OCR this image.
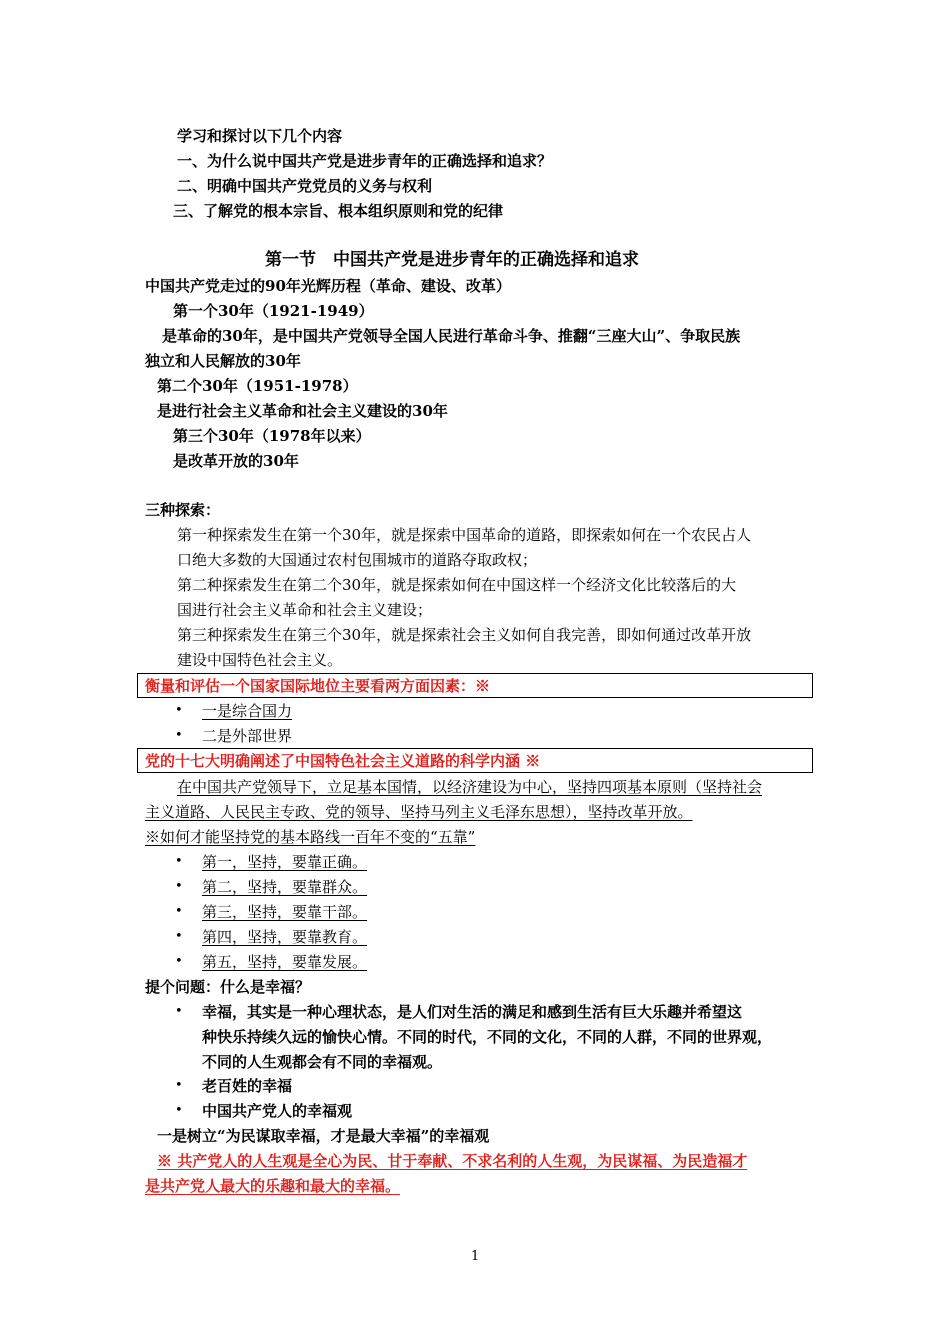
学习和探讨以下几个内容
一、为什么说中国共产党是进步青年的正确选择和追求？
二、明确中国共产党党员的义务与权利
三、了解党的根本宗旨、根本组织原则和党的纪律
第一节　中国共产党是进步青年的正确选择和追求
中国共产党走过的90年光辉历程（革命、建设、改革）
第一个30年（1921-1949）
是革命的30年，是中国共产党领导全国人民进行革命斗争、推翻“三座大山”、争取民族
独立和人民解放的30年
第二个30年（1951-1978）
是进行社会主义革命和社会主义建设的30年
第三个30年（1978年以来）
是改革开放的30年
三种探索：
第一种探索发生在第一个30年，就是探索中国革命的道路，即探索如何在一个农民占人
口绝大多数的大国通过农村包围城市的道路夺取政权；
第二种探索发生在第二个30年，就是探索如何在中国这样一个经济文化比较落后的大
国进行社会主义革命和社会主义建设；
第三种探索发生在第三个30年，就是探索社会主义如何自我完善，即如何通过改革开放
建设中国特色社会主义。
衡量和评估一个国家国际地位主要看两方面因素：※
• 一是综合国力
• 二是外部世界
党的十七大明确阐述了中国特色社会主义道路的科学内涵 ※
在中国共产党领导下，立足基本国情，以经济建设为中心，坚持四项基本原则（坚持社会
主义道路、人民民主专政、党的领导、坚持马列主义毛泽东思想），坚持改革开放。
※如何才能坚持党的基本路线一百年不变的“五靠”
• 第一，坚持，要靠正确。
• 第二，坚持，要靠群众。
• 第三，坚持，要靠干部。
• 第四，坚持，要靠教育。
• 第五，坚持，要靠发展。
提个问题：什么是幸福？
• 幸福，其实是一种心理状态，是人们对生活的满足和感到生活有巨大乐趣并希望这
种快乐持续久远的愉快心情。不同的时代，不同的文化，不同的人群，不同的世界观，
不同的人生观都会有不同的幸福观。
• 老百姓的幸福
• 中国共产党人的幸福观
一是树立“为民谋取幸福，才是最大幸福”的幸福观
※ 共产党人的人生观是全心为民、甘于奉献、不求名利的人生观，为民谋福、为民造福才
是共产党人最大的乐趣和最大的幸福。
1
